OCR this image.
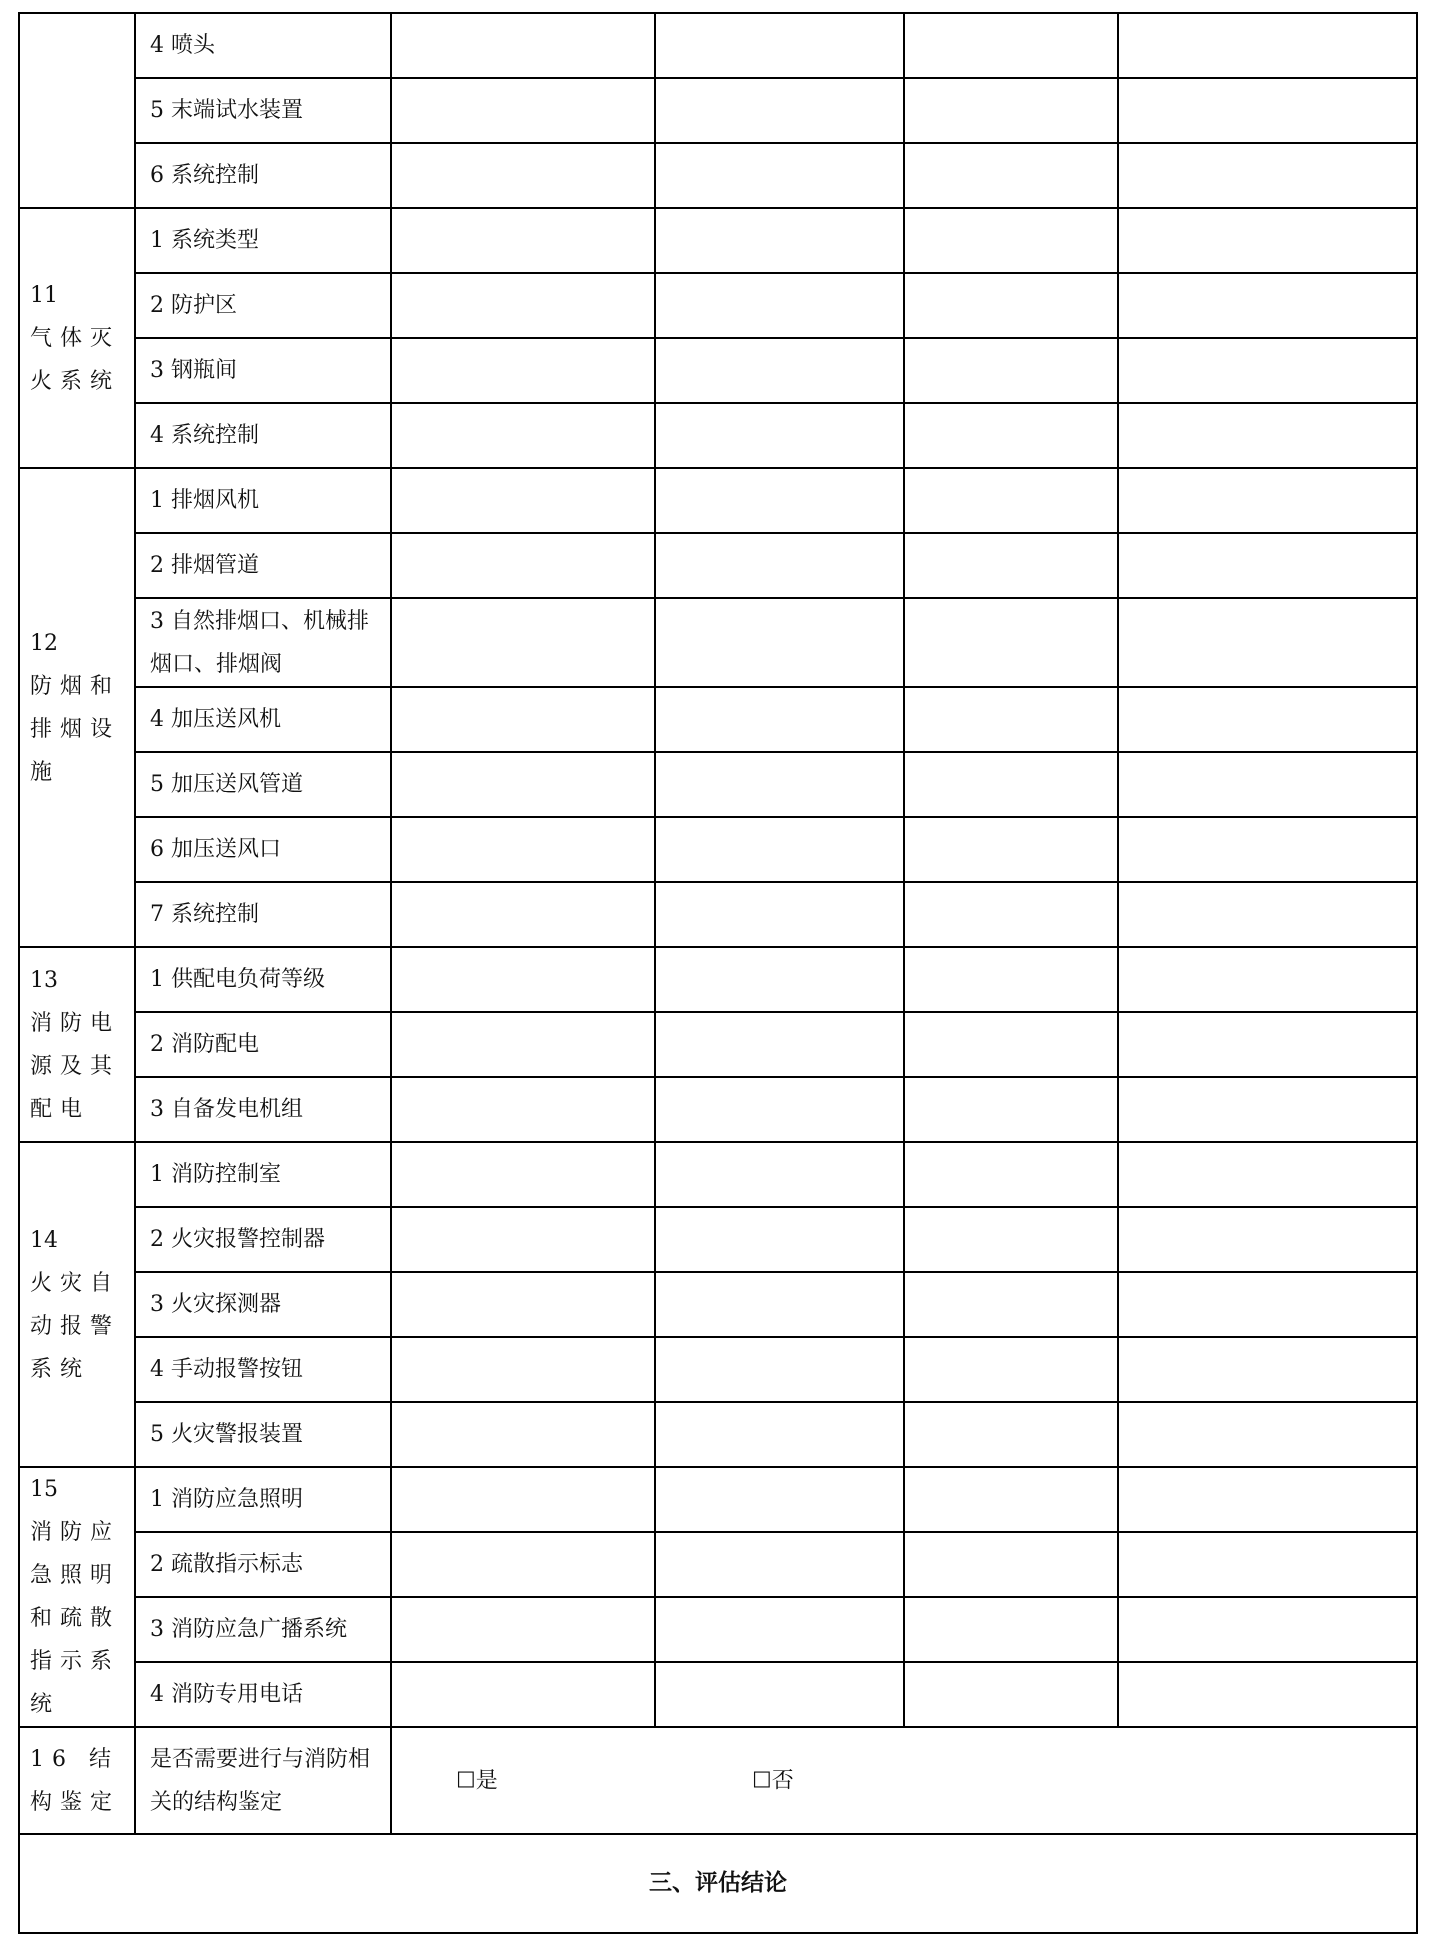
	4 喷头				
	5 末端试水装置				
	6 系统控制				

11
气体灭火系统	1 系统类型				
	2 防护区				
	3 钢瓶间				
	4 系统控制				

12
防烟和排烟设施	1 排烟风机				
	2 排烟管道				
	3 自然排烟口、机械排烟口、排烟阀				
	4 加压送风机				
	5 加压送风管道				
	6 加压送风口				
	7 系统控制				

13
消防电源及其配电	1 供配电负荷等级				
	2 消防配电				
	3 自备发电机组				

14
火灾自动报警系统	1 消防控制室				
	2 火灾报警控制器				
	3 火灾探测器				
	4 手动报警按钮				
	5 火灾警报装置				

15
消防应急照明和疏散指示系统	1 消防应急照明				
	2 疏散指示标志				
	3 消防应急广播系统				
	4 消防专用电话				
16 结构鉴定	是否需要进行与消防相关的结构鉴定	☐是 ☐否			

三、评估结论					
